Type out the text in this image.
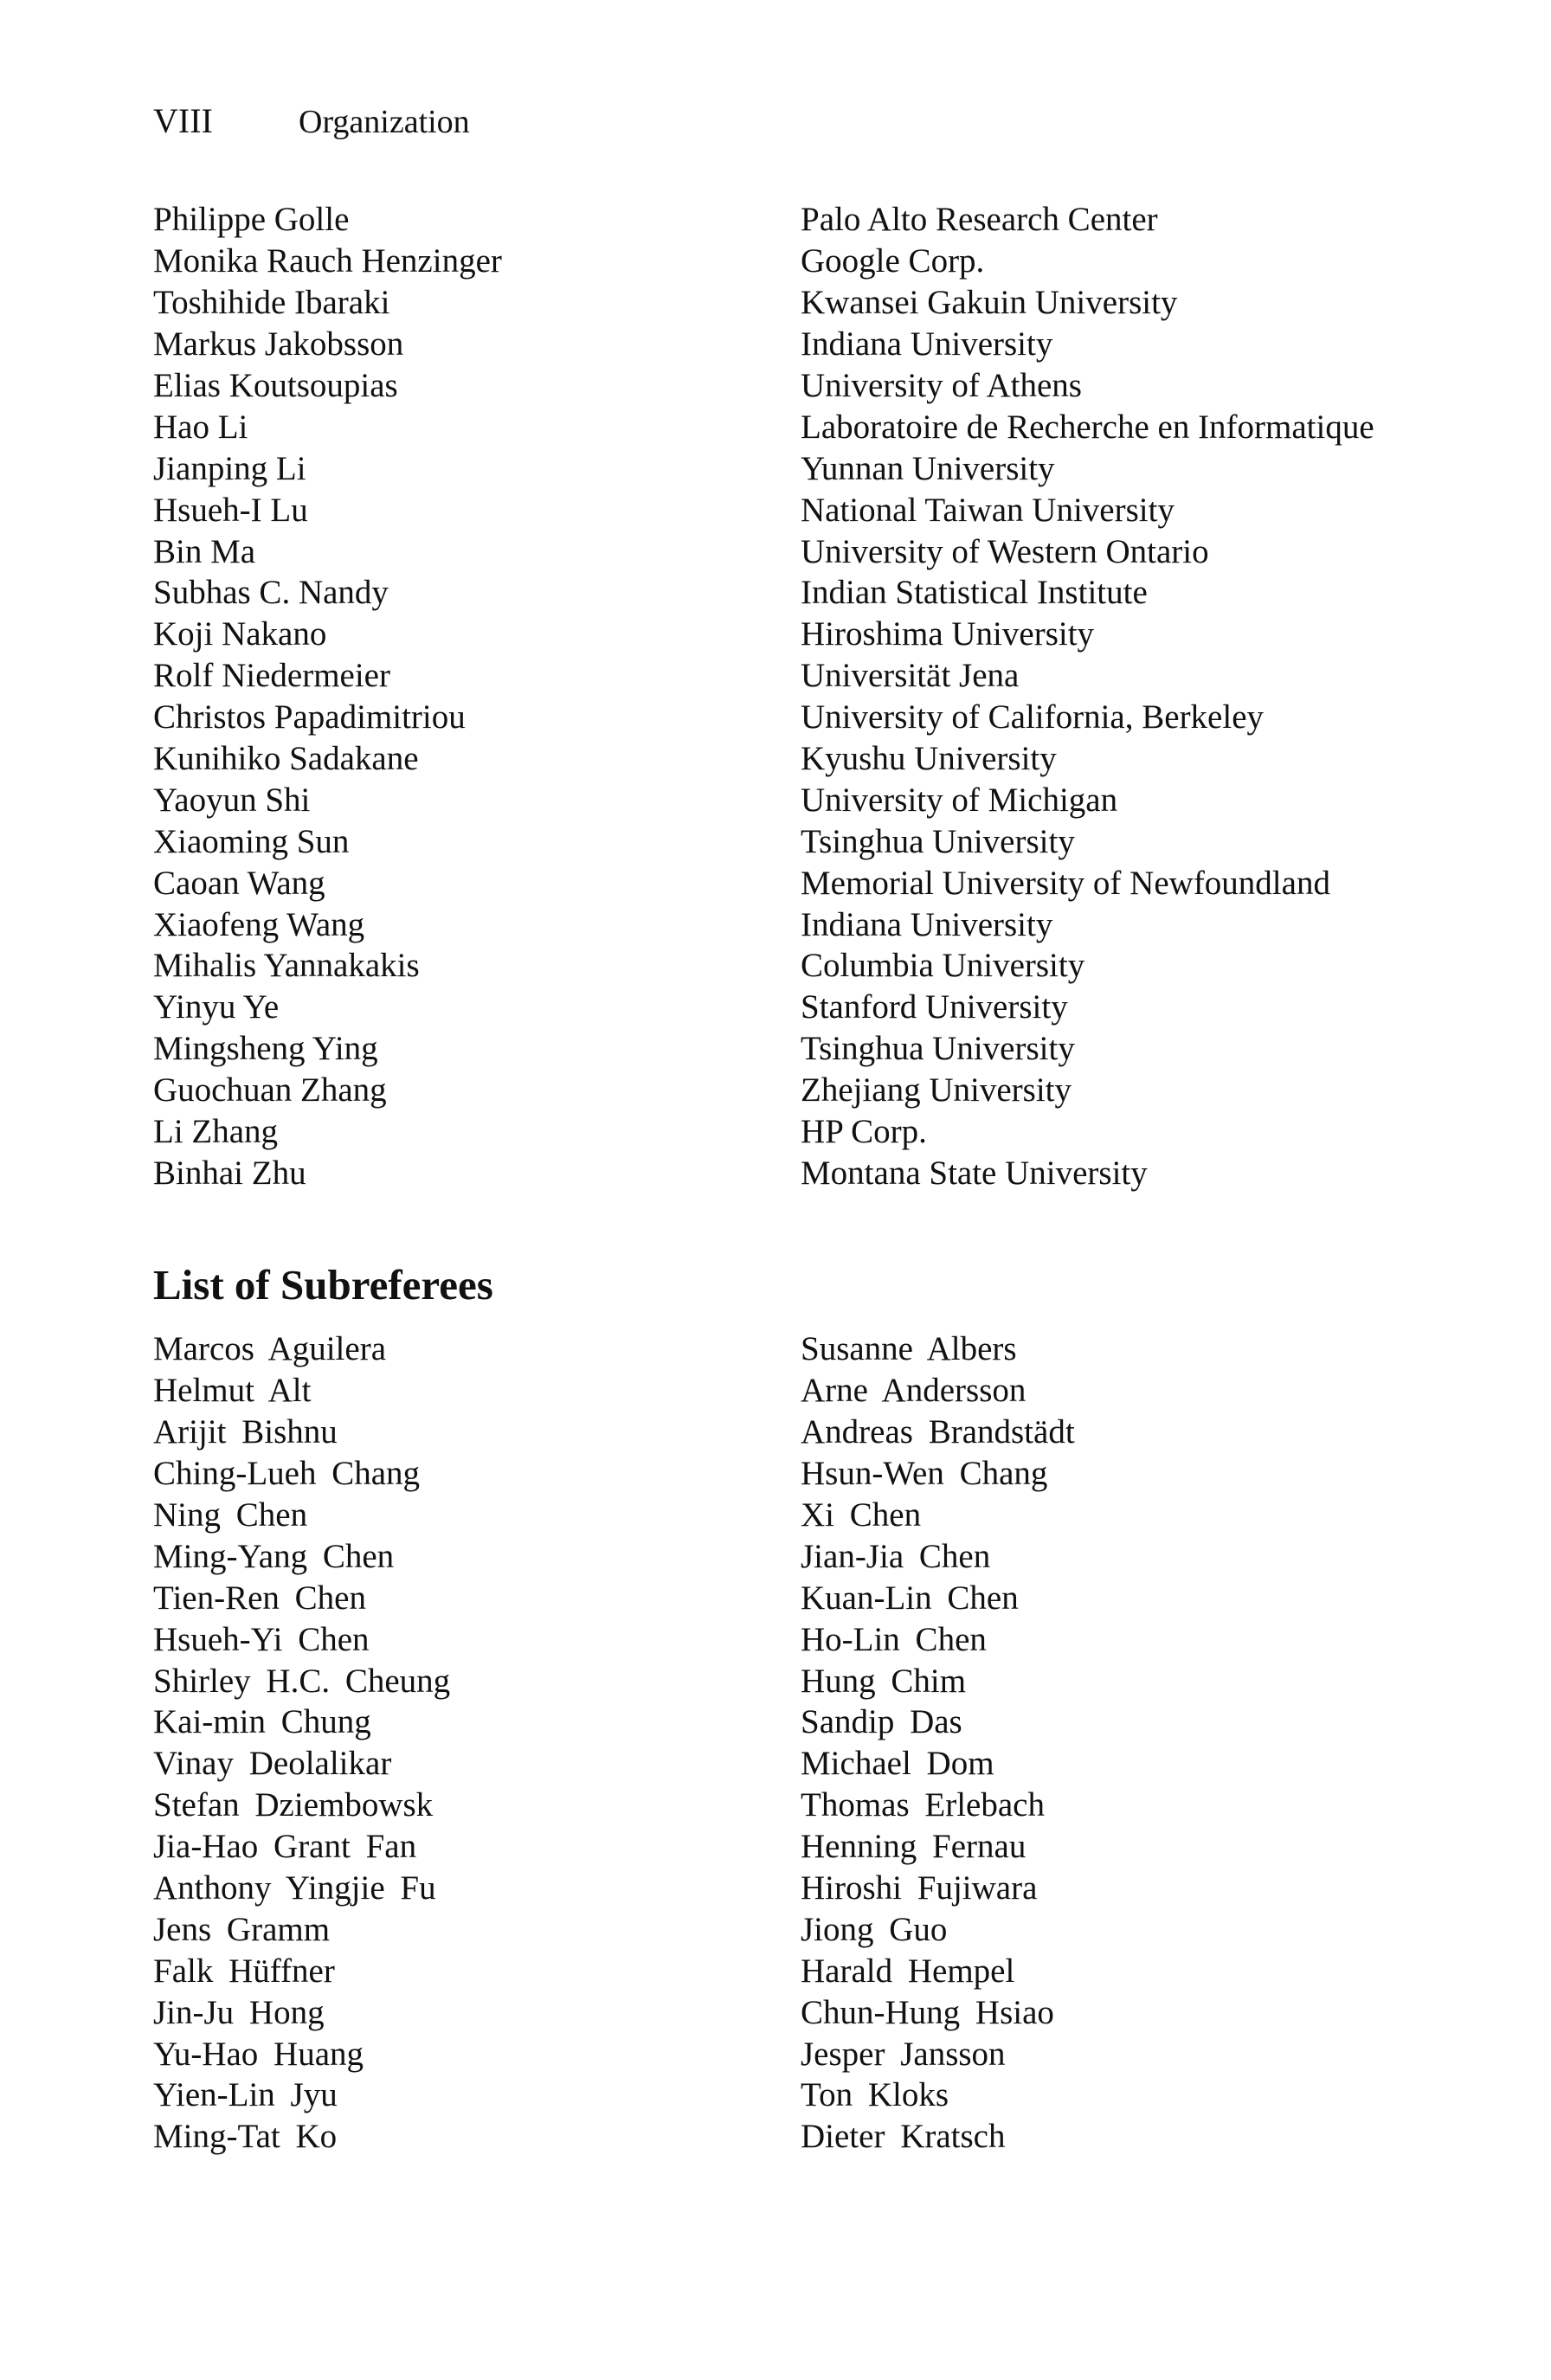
VIII	Organization
Philippe Golle	Palo Alto Research Center
Monika Rauch Henzinger	Google Corp.
Toshihide Ibaraki	Kwansei Gakuin University
Markus Jakobsson	Indiana University
Elias Koutsoupias	University of Athens
Hao Li	Laboratoire de Recherche en Informatique
Jianping Li	Yunnan University
Hsueh-I Lu	National Taiwan University
Bin Ma	University of Western Ontario
Subhas C. Nandy	Indian Statistical Institute
Koji Nakano	Hiroshima University
Rolf Niedermeier	Universität Jena
Christos Papadimitriou	University of California, Berkeley
Kunihiko Sadakane	Kyushu University
Yaoyun Shi	University of Michigan
Xiaoming Sun	Tsinghua University
Caoan Wang	Memorial University of Newfoundland
Xiaofeng Wang	Indiana University
Mihalis Yannakakis	Columbia University
Yinyu Ye	Stanford University
Mingsheng Ying	Tsinghua University
Guochuan Zhang	Zhejiang University
Li Zhang	HP Corp.
Binhai Zhu	Montana State University
List of Subreferees
Marcos Aguilera	Susanne Albers
Helmut Alt	Arne Andersson
Arijit Bishnu	Andreas Brandstädt
Ching-Lueh Chang	Hsun-Wen Chang
Ning Chen	Xi Chen
Ming-Yang Chen	Jian-Jia Chen
Tien-Ren Chen	Kuan-Lin Chen
Hsueh-Yi Chen	Ho-Lin Chen
Shirley H.C. Cheung	Hung Chim
Kai-min Chung	Sandip Das
Vinay Deolalikar	Michael Dom
Stefan Dziembowsk	Thomas Erlebach
Jia-Hao Grant Fan	Henning Fernau
Anthony Yingjie Fu	Hiroshi Fujiwara
Jens Gramm	Jiong Guo
Falk Hüffner	Harald Hempel
Jin-Ju Hong	Chun-Hung Hsiao
Yu-Hao Huang	Jesper Jansson
Yien-Lin Jyu	Ton Kloks
Ming-Tat Ko	Dieter Kratsch
